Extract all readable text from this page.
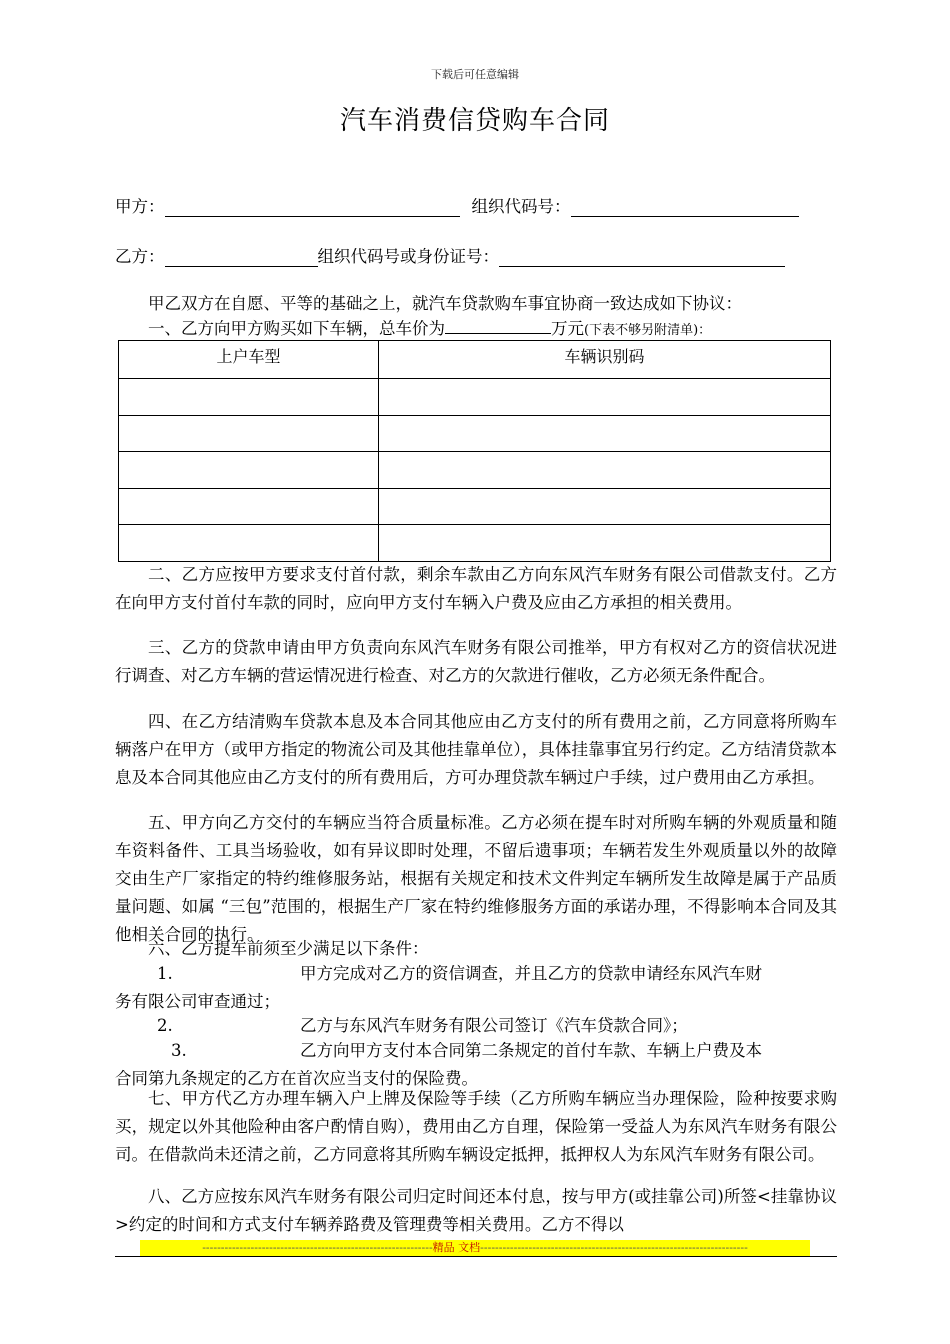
下载后可任意编辑
汽车消费信贷购车合同
甲方：	组织代码号：
乙方：	组织代码号或身份证号：
甲乙双方在自愿、平等的基础之上，就汽车贷款购车事宜协商一致达成如下协议：
一、乙方向甲方购买如下车辆，总车价为	万元(下表不够另附清单)：
上户车型	车辆识别码

二、乙方应按甲方要求支付首付款，剩余车款由乙方向东风汽车财务有限公司借款支付。乙方在向甲方支付首付车款的同时，应向甲方支付车辆入户费及应由乙方承担的相关费用。
三、乙方的贷款申请由甲方负责向东风汽车财务有限公司推举，甲方有权对乙方的资信状况进行调查、对乙方车辆的营运情况进行检查、对乙方的欠款进行催收，乙方必须无条件配合。
四、在乙方结清购车贷款本息及本合同其他应由乙方支付的所有费用之前，乙方同意将所购车辆落户在甲方（或甲方指定的物流公司及其他挂靠单位），具体挂靠事宜另行约定。乙方结清贷款本息及本合同其他应由乙方支付的所有费用后，方可办理贷款车辆过户手续，过户费用由乙方承担。
五、甲方向乙方交付的车辆应当符合质量标准。乙方必须在提车时对所购车辆的外观质量和随车资料备件、工具当场验收，如有异议即时处理，不留后遗事项；车辆若发生外观质量以外的故障交由生产厂家指定的特约维修服务站，根据有关规定和技术文件判定车辆所发生故障是属于产品质量问题、如属 “三包”范围的，根据生产厂家在特约维修服务方面的承诺办理，不得影响本合同及其他相关合同的执行。
六、乙方提车前须至少满足以下条件：
1.	甲方完成对乙方的资信调查，并且乙方的贷款申请经东风汽车财
务有限公司审查通过；
2.	乙方与东风汽车财务有限公司签订《汽车贷款合同》；
3.	乙方向甲方支付本合同第二条规定的首付车款、车辆上户费及本
合同第九条规定的乙方在首次应当支付的保险费。
七、甲方代乙方办理车辆入户上牌及保险等手续（乙方所购车辆应当办理保险，险种按要求购买，规定以外其他险种由客户酌情自购），费用由乙方自理，保险第一受益人为东风汽车财务有限公司。在借款尚未还清之前，乙方同意将其所购车辆设定抵押，抵押权人为东风汽车财务有限公司。
八、乙方应按东风汽车财务有限公司归定时间还本付息，按与甲方(或挂靠公司)所签<挂靠协议>约定的时间和方式支付车辆养路费及管理费等相关费用。乙方不得以
--------------------------------------------------------------精品 文档------------------------------------------------------------------------
